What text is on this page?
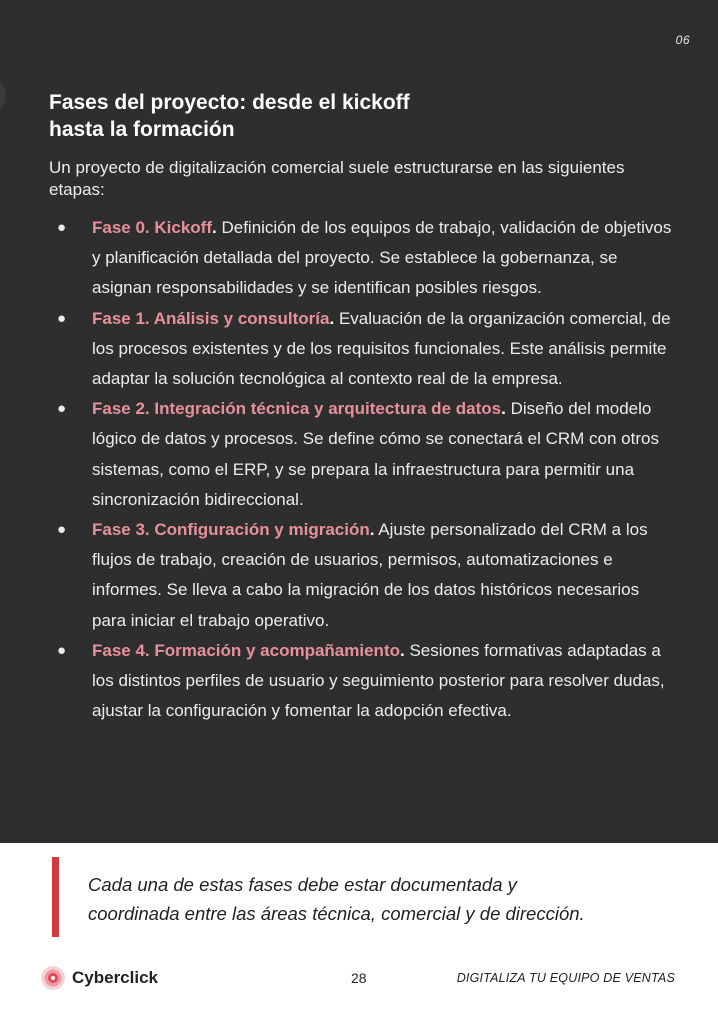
06
Fases del proyecto: desde el kickoff
hasta la formación

Un proyecto de digitalización comercial suele estructurarse en las siguientes etapas:

● Fase 0. Kickoff. Definición de los equipos de trabajo, validación de objetivos y planificación detallada del proyecto. Se establece la gobernanza, se asignan responsabilidades y se identifican posibles riesgos.
● Fase 1. Análisis y consultoría. Evaluación de la organización comercial, de los procesos existentes y de los requisitos funcionales. Este análisis permite adaptar la solución tecnológica al contexto real de la empresa.
● Fase 2. Integración técnica y arquitectura de datos. Diseño del modelo lógico de datos y procesos. Se define cómo se conectará el CRM con otros sistemas, como el ERP, y se prepara la infraestructura para permitir una sincronización bidireccional.
● Fase 3. Configuración y migración. Ajuste personalizado del CRM a los flujos de trabajo, creación de usuarios, permisos, automatizaciones e informes. Se lleva a cabo la migración de los datos históricos necesarios para iniciar el trabajo operativo.
● Fase 4. Formación y acompañamiento. Sesiones formativas adaptadas a los distintos perfiles de usuario y seguimiento posterior para resolver dudas, ajustar la configuración y fomentar la adopción efectiva.

Cada una de estas fases debe estar documentada y
coordinada entre las áreas técnica, comercial y de dirección.

Cyberclick	28	DIGITALIZA TU EQUIPO DE VENTAS
